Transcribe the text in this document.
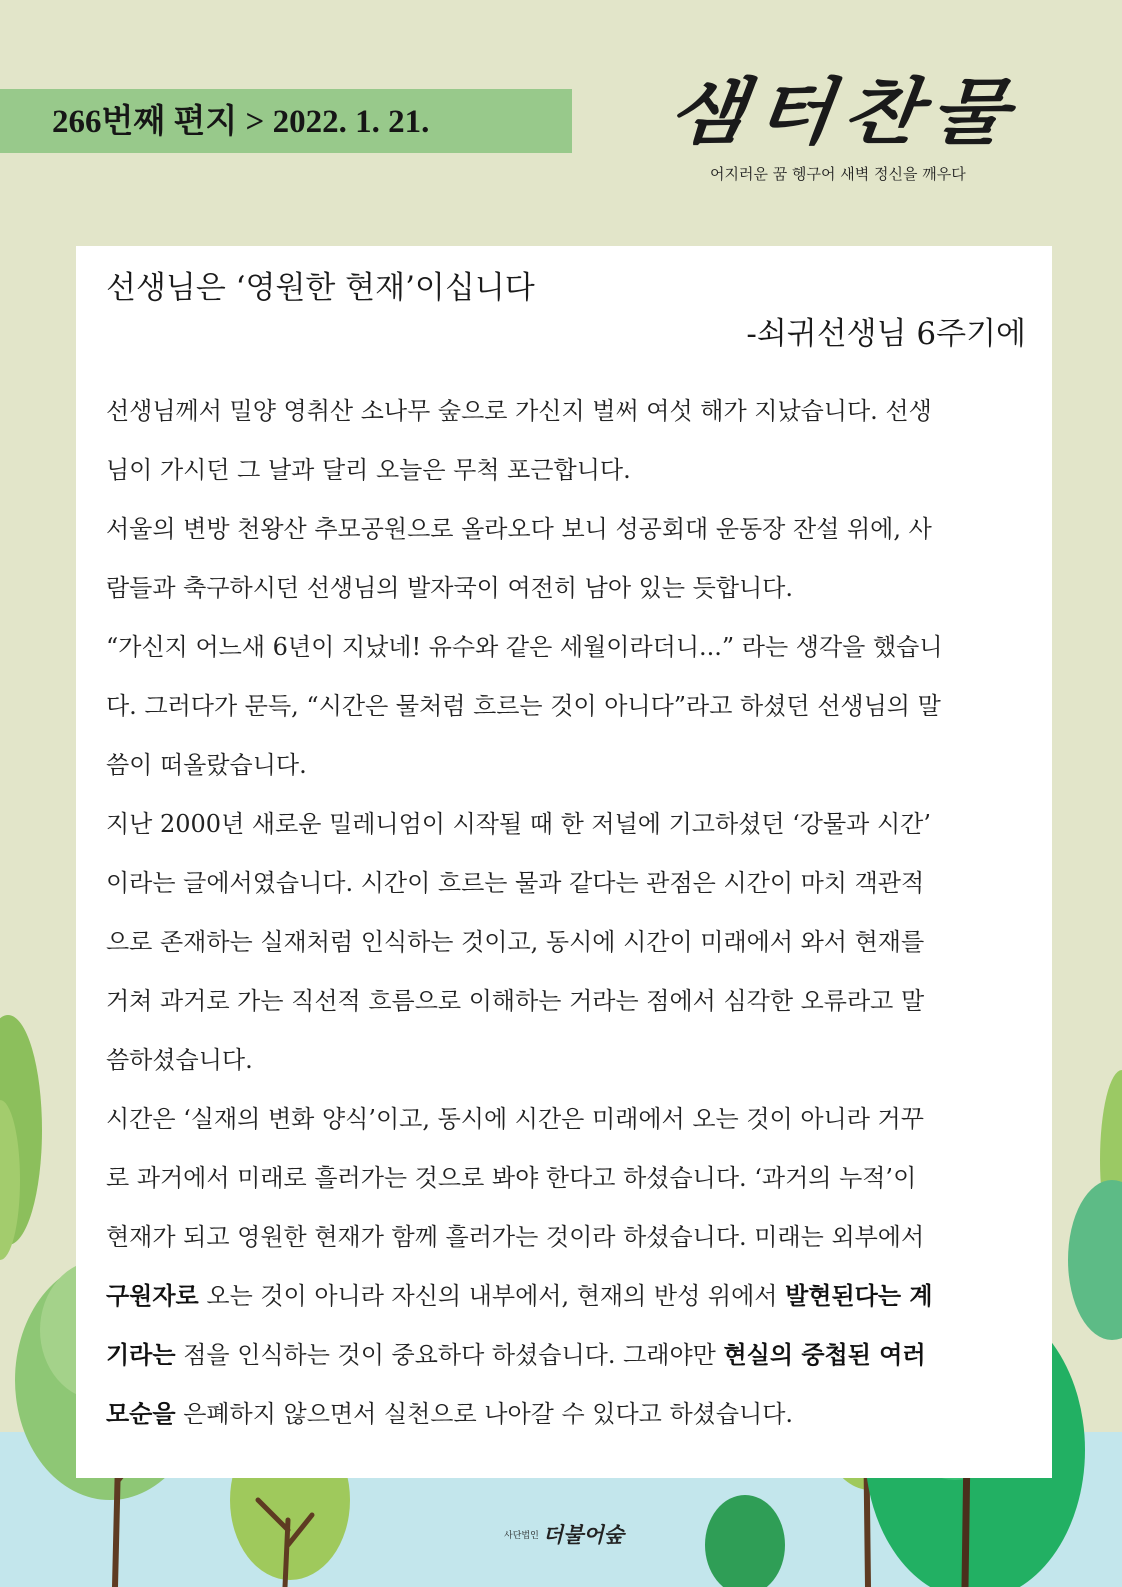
266번째 편지 > 2022. 1. 21.	샘터찬물

어지러운 꿈 헹구어 새벽 정신을 깨우다

선생님은 ‘영원한 현재’이십니다

-쇠귀선생님 6주기에

선생님께서 밀양 영취산 소나무 숲으로 가신지 벌써 여섯 해가 지났습니다. 선생

님이 가시던 그 날과 달리 오늘은 무척 포근합니다.

서울의 변방 천왕산 추모공원으로 올라오다 보니 성공회대 운동장 잔설 위에, 사

람들과 축구하시던 선생님의 발자국이 여전히 남아 있는 듯합니다.

“가신지 어느새 6년이 지났네! 유수와 같은 세월이라더니...” 라는 생각을 했습니

다. 그러다가 문득, “시간은 물처럼 흐르는 것이 아니다”라고 하셨던 선생님의 말

씀이 떠올랐습니다.

지난 2000년 새로운 밀레니엄이 시작될 때 한 저널에 기고하셨던 ‘강물과 시간’

이라는 글에서였습니다. 시간이 흐르는 물과 같다는 관점은 시간이 마치 객관적

으로 존재하는 실재처럼 인식하는 것이고, 동시에 시간이 미래에서 와서 현재를

거쳐 과거로 가는 직선적 흐름으로 이해하는 거라는 점에서 심각한 오류라고 말

씀하셨습니다.

시간은 ‘실재의 변화 양식’이고, 동시에 시간은 미래에서 오는 것이 아니라 거꾸

로 과거에서 미래로 흘러가는 것으로 봐야 한다고 하셨습니다. ‘과거의 누적’이

현재가 되고 영원한 현재가 함께 흘러가는 것이라 하셨습니다. 미래는 외부에서

구원자로 오는 것이 아니라 자신의 내부에서, 현재의 반성 위에서 발현된다는 계

기라는 점을 인식하는 것이 중요하다 하셨습니다. 그래야만 현실의 중첩된 여러

모순을 은폐하지 않으면서 실천으로 나아갈 수 있다고 하셨습니다.

사단법인 더불어숲
